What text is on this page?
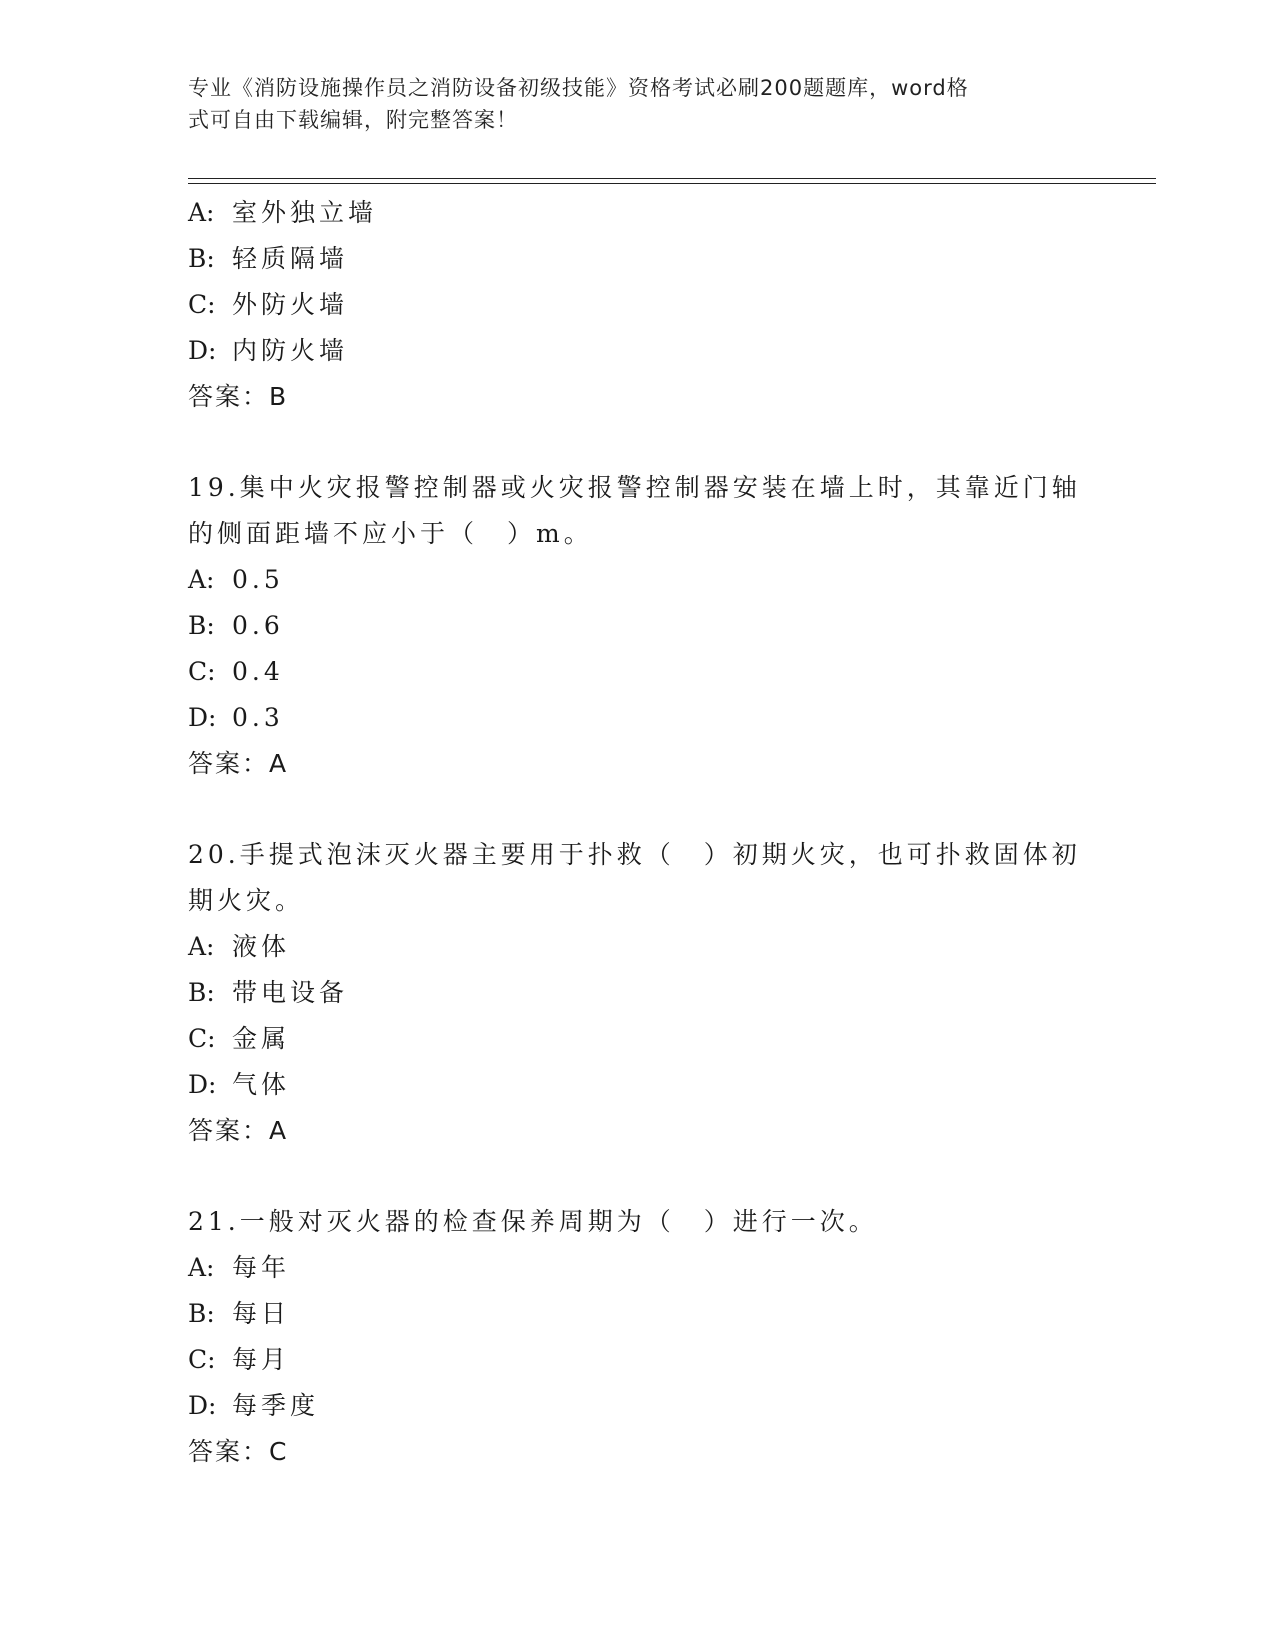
专业《消防设施操作员之消防设备初级技能》资格考试必刷200题题库，word格
式可自由下载编辑，附完整答案！
A: 室外独立墙
B: 轻质隔墙
C: 外防火墙
D: 内防火墙
答案：B
19.集中火灾报警控制器或火灾报警控制器安装在墙上时，其靠近门轴
的侧面距墙不应小于（　）m。
A: 0.5
B: 0.6
C: 0.4
D: 0.3
答案：A
20.手提式泡沫灭火器主要用于扑救（　）初期火灾，也可扑救固体初
期火灾。
A: 液体
B: 带电设备
C: 金属
D: 气体
答案：A
21.一般对灭火器的检查保养周期为（　）进行一次。
A: 每年
B: 每日
C: 每月
D: 每季度
答案：C
